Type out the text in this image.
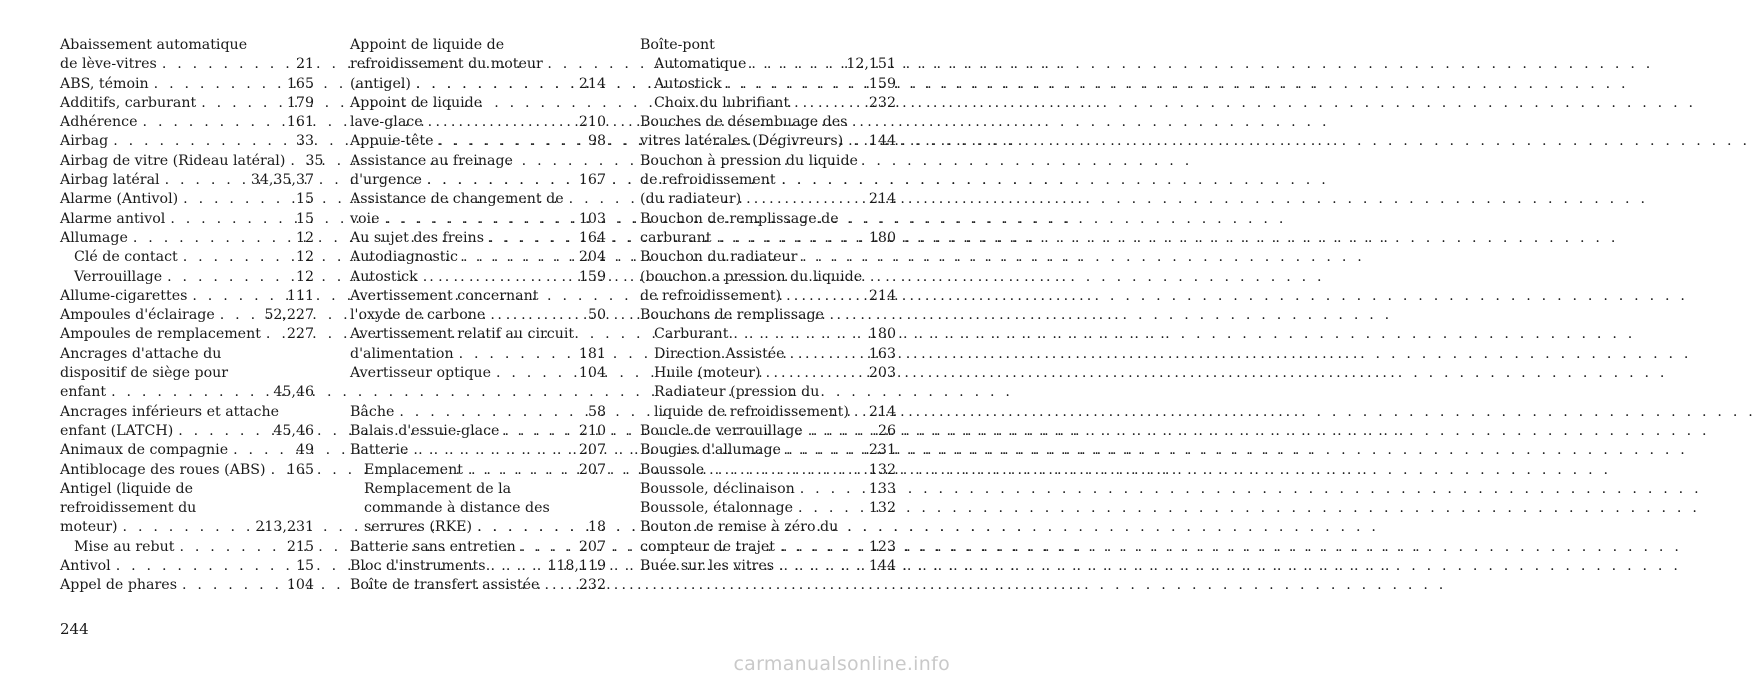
Abaissement automatique
de lève-vitres . . .	21
ABS, témoin . . .	165
Additifs, carburant . . .	179
Adhérence . . .	161
Airbag . . .	33
Airbag de vitre (Rideau latéral) . . . 35
Airbag latéral . . .	34,35,37
Alarme (Antivol) . . .	15
Alarme antivol . . .	15
Allumage . . .	12
Clé de contact . . .	12
Verrouillage . . .	12
Allume-cigarettes . . .	111
Ampoules d'éclairage . . .	52,227
Ampoules de remplacement . . . 227
Ancrages d'attache du
dispositif de siège pour
enfant . . .	45,46
Ancrages inférieurs et attache
enfant (LATCH) . . .	45,46
Animaux de compagnie . . .	49
Antiblocage des roues (ABS) . . . 165
Antigel (liquide de
refroidissement du
moteur) . . .	213,231
Mise au rebut . . .	215
Antivol . . .	15
Appel de phares . . .	104
Appoint de liquide de
refroidissement du moteur
(antigel) . . .	214
Appoint de liquide
lave-glace . . .	210
Appuie-tête . . .	98
Assistance au freinage
d'urgence . . .	167
Assistance de changement de
voie . . .	103
Au sujet des freins . . .	164
Autodiagnostic . . .	204
Autostick . . .	159
Avertissement concernant
l'oxyde de carbone . . .	50
Avertissement relatif au circuit
d'alimentation . . .	181
Avertisseur optique . . .	104
Bâche . . .	58
Balais d'essuie-glace . . .	210
Batterie . . .	207
Emplacement . . .	207
Remplacement de la
commande à distance des
serrures (RKE) . . .	18
Batterie sans entretien . . .	207
Bloc d'instruments . . .	118,119
Boîte de transfert assistée . . .	232
Boîte-pont
Automatique . . .	12,151
Autostick . . .	159
Choix du lubrifiant . . .	232
Bouches de désembuage des
vitres latérales (Dégivreurs) . . . 144
Bouchon à pression du liquide
de refroidissement
(du radiateur) . . .	214
Bouchon de remplissage de
carburant . . .	180
Bouchon du radiateur
(bouchon a pression du liquide
de refroidissement) . . .	214
Bouchons de remplissage
Carburant . . .	180
Direction Assistée . . .	163
Huile (moteur) . . .	203
Radiateur (pression du
liquide de refroidissement) . . . 214
Boucle de verrouillage . . .	26
Bougies d'allumage . . .	231
Boussole . . .	132
Boussole, déclinaison . . .	133
Boussole, étalonnage . . .	132
Bouton de remise à zéro du
compteur de trajet . . .	123
Buée sur les vitres . . .	144
244
carmanualsonline.info
